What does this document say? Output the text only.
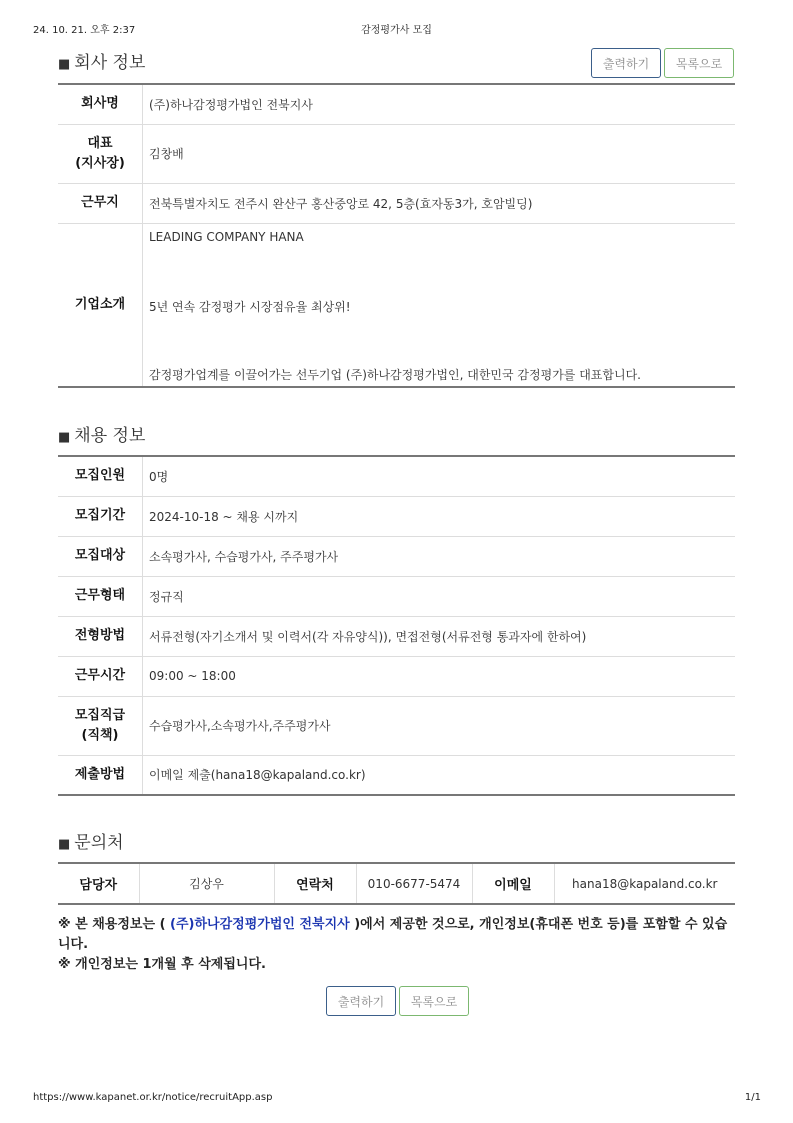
24. 10. 21. 오후 2:37	감정평가사 모집
■ 회사 정보	출력하기	목록으로
회사명	(주)하나감정평가법인 전북지사
대표
(지사장)	김창배
근무지	전북특별자치도 전주시 완산구 홍산중앙로 42, 5층(효자동3가, 호암빌딩)
기업소개	LEADING COMPANY HANA
5년 연속 감정평가 시장점유율 최상위!
감정평가업계를 이끌어가는 선두기업 (주)하나감정평가법인, 대한민국 감정평가를 대표합니다.
■ 채용 정보
모집인원	0명
모집기간	2024-10-18 ~ 채용 시까지
모집대상	소속평가사, 수습평가사, 주주평가사
근무형태	정규직
전형방법	서류전형(자기소개서 및 이력서(각 자유양식)), 면접전형(서류전형 통과자에 한하여)
근무시간	09:00 ~ 18:00
모집직급
(직책)	수습평가사,소속평가사,주주평가사
제출방법	이메일 제출(hana18@kapaland.co.kr)
■ 문의처
담당자	김상우	연락처	010-6677-5474	이메일	hana18@kapaland.co.kr
※ 본 채용정보는 ( (주)하나감정평가법인 전북지사 )에서 제공한 것으로, 개인정보(휴대폰 번호 등)를 포함할 수 있습니다.
※ 개인정보는 1개월 후 삭제됩니다.
출력하기	목록으로
https://www.kapanet.or.kr/notice/recruitApp.asp	1/1
